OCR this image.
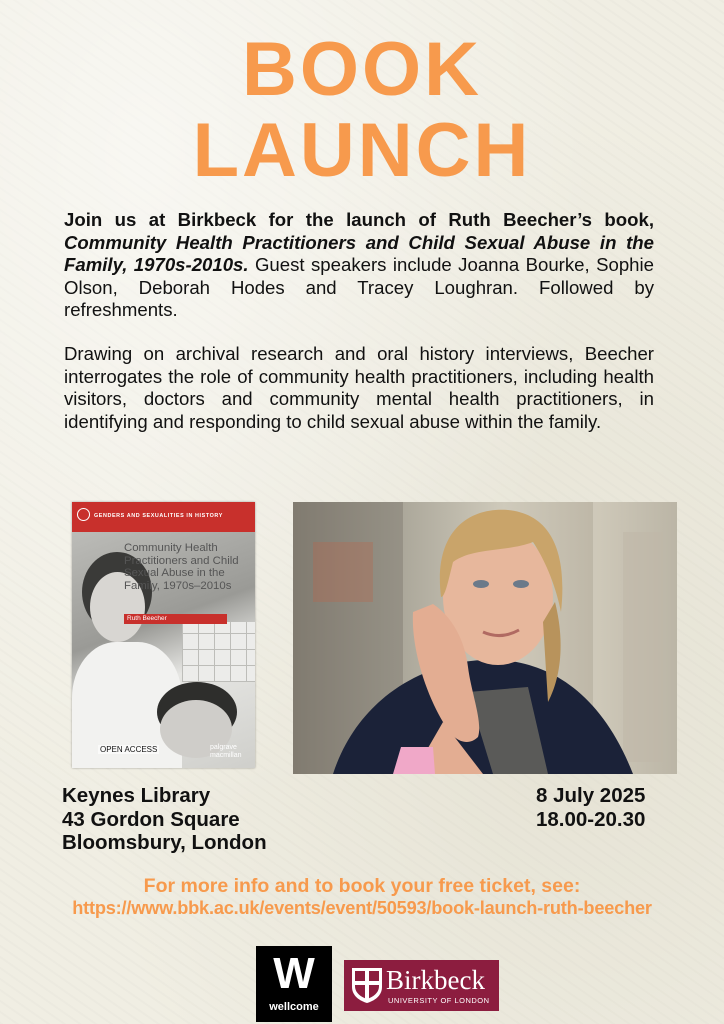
BOOK
LAUNCH

Join us at Birkbeck for the launch of Ruth Beecher’s book, Community Health Practitioners and Child Sexual Abuse in the Family, 1970s-2010s. Guest speakers include Joanna Bourke, Sophie Olson, Deborah Hodes and Tracey Loughran. Followed by refreshments.

Drawing on archival research and oral history interviews, Beecher interrogates the role of community health practitioners, including health visitors, doctors and community mental health practitioners, in identifying and responding to child sexual abuse within the family.

GENDERS AND SEXUALITIES IN HISTORY

Community Health Practitioners and Child Sexual Abuse in the Family, 1970s–2010s

Ruth Beecher
OPEN ACCESS	palgrave macmillan
Keynes Library
43 Gordon Square
Bloomsbury, London
8 July 2025
18.00-20.30

For more info and to book your free ticket, see:

https://www.bbk.ac.uk/events/event/50593/book-launch-ruth-beecher

W
wellcome
Birkbeck
UNIVERSITY OF LONDON
